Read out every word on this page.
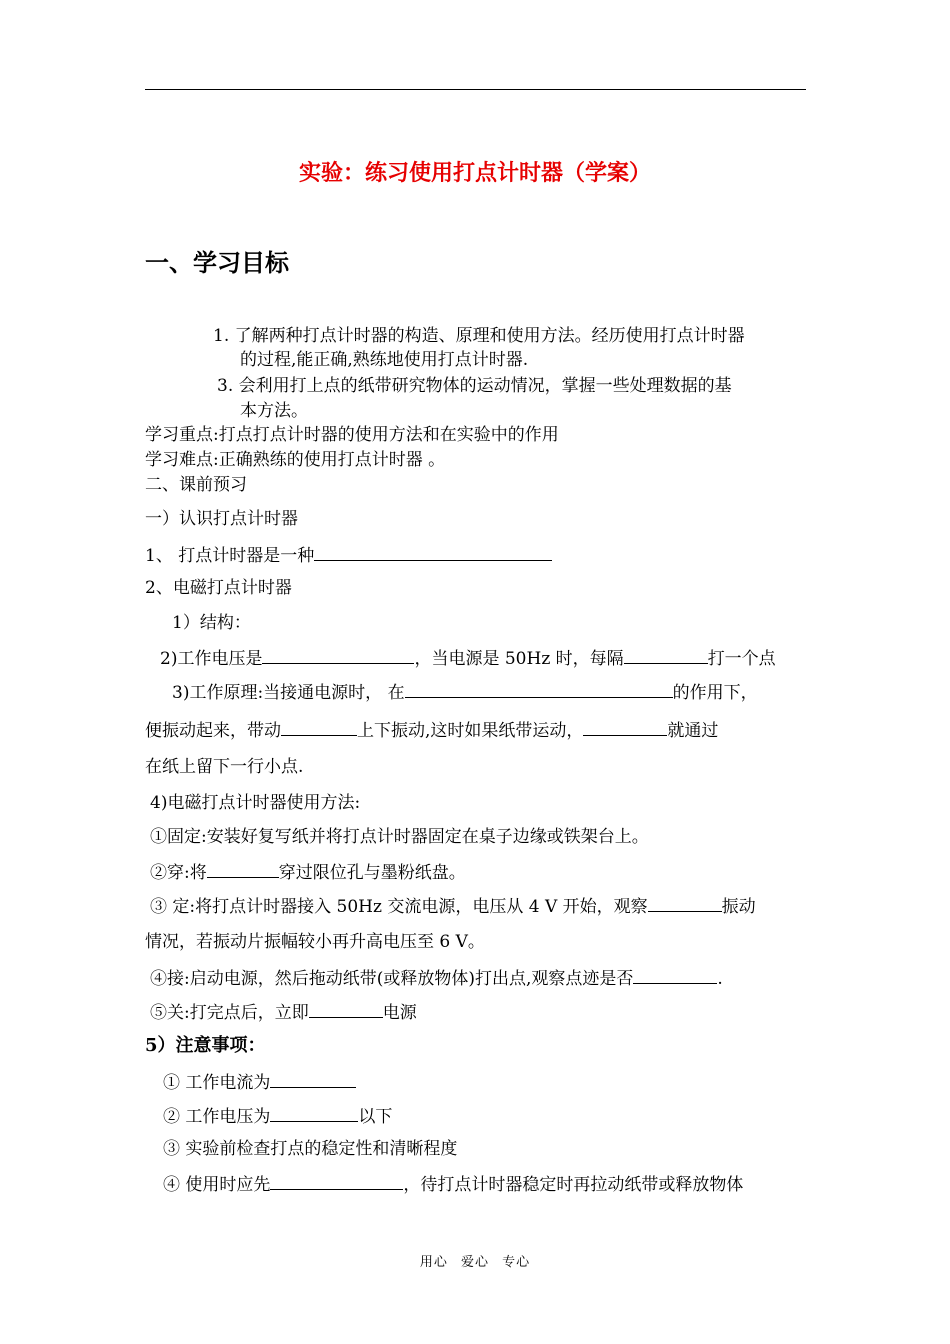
实验：练习使用打点计时器（学案）
一、学习目标
1. 了解两种打点计时器的构造、原理和使用方法。经历使用打点计时器
的过程,能正确,熟练地使用打点计时器.
3. 会利用打上点的纸带研究物体的运动情况，掌握一些处理数据的基
本方法。
学习重点:打点打点计时器的使用方法和在实验中的作用
学习难点:正确熟练的使用打点计时器 。
二、课前预习
一）认识打点计时器
1、 打点计时器是一种
2、电磁打点计时器
1）结构：
2)工作电压是	，当电源是 50Hz 时，每隔	打一个点
3)工作原理:当接通电源时， 在	的作用下，
便振动起来，带动	上下振动,这时如果纸带运动，	就通过
在纸上留下一行小点.
4)电磁打点计时器使用方法:
①固定:安装好复写纸并将打点计时器固定在桌子边缘或铁架台上。
②穿:将	穿过限位孔与墨粉纸盘。
③ 定:将打点计时器接入 50Hz 交流电源，电压从 4 V 开始，观察	振动
情况，若振动片振幅较小再升高电压至 6 V。
④接:启动电源，然后拖动纸带(或释放物体)打出点,观察点迹是否	.
⑤关:打完点后，立即	电源
5）注意事项：
① 工作电流为
② 工作电压为	以下
③ 实验前检查打点的稳定性和清晰程度
④ 使用时应先	，待打点计时器稳定时再拉动纸带或释放物体
用心 爱心 专心
